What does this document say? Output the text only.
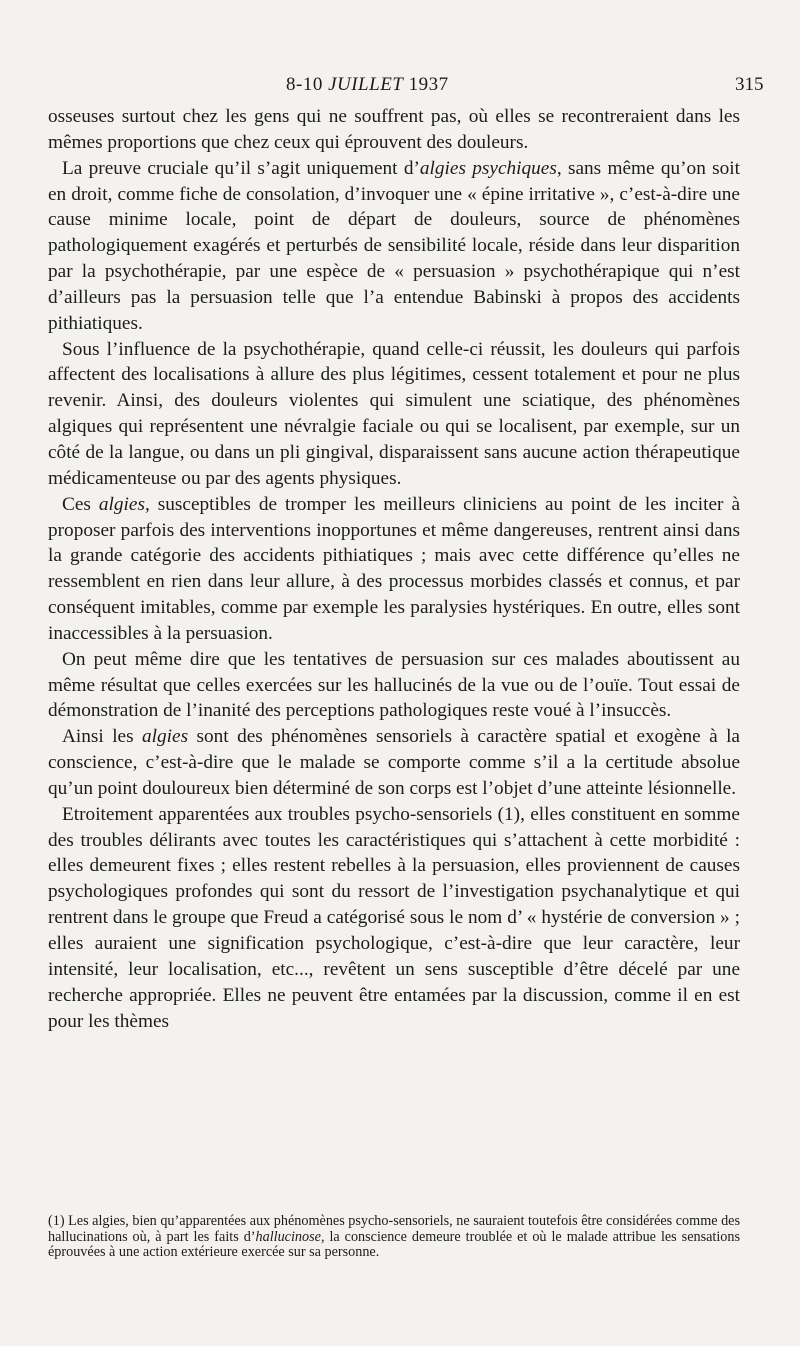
8-10 JUILLET 1937	315

osseuses surtout chez les gens qui ne souffrent pas, où elles se recontreraient dans les mêmes proportions que chez ceux qui éprouvent des douleurs.

La preuve cruciale qu’il s’agit uniquement d’algies psychiques, sans même qu’on soit en droit, comme fiche de consolation, d’invoquer une « épine irritative », c’est-à-dire une cause minime locale, point de départ de douleurs, source de phénomènes pathologiquement exagérés et perturbés de sensibilité locale, réside dans leur disparition par la psychothérapie, par une espèce de « persuasion » psychothérapique qui n’est d’ailleurs pas la persuasion telle que l’a entendue Babinski à propos des accidents pithiatiques.

Sous l’influence de la psychothérapie, quand celle-ci réussit, les douleurs qui parfois affectent des localisations à allure des plus légitimes, cessent totalement et pour ne plus revenir. Ainsi, des douleurs violentes qui simulent une sciatique, des phénomènes algiques qui représentent une névralgie faciale ou qui se localisent, par exemple, sur un côté de la langue, ou dans un pli gingival, disparaissent sans aucune action thérapeutique médicamenteuse ou par des agents physiques.

Ces algies, susceptibles de tromper les meilleurs cliniciens au point de les inciter à proposer parfois des interventions inopportunes et même dangereuses, rentrent ainsi dans la grande catégorie des accidents pithiatiques ; mais avec cette différence qu’elles ne ressemblent en rien dans leur allure, à des processus morbides classés et connus, et par conséquent imitables, comme par exemple les paralysies hystériques. En outre, elles sont inaccessibles à la persuasion.

On peut même dire que les tentatives de persuasion sur ces malades aboutissent au même résultat que celles exercées sur les hallucinés de la vue ou de l’ouïe. Tout essai de démonstration de l’inanité des perceptions pathologiques reste voué à l’insuccès.

Ainsi les algies sont des phénomènes sensoriels à caractère spatial et exogène à la conscience, c’est-à-dire que le malade se comporte comme s’il a la certitude absolue qu’un point douloureux bien déterminé de son corps est l’objet d’une atteinte lésionnelle.

Etroitement apparentées aux troubles psycho-sensoriels (1), elles constituent en somme des troubles délirants avec toutes les caractéristiques qui s’attachent à cette morbidité : elles demeurent fixes ; elles restent rebelles à la persuasion, elles proviennent de causes psychologiques profondes qui sont du ressort de l’investigation psychanalytique et qui rentrent dans le groupe que Freud a catégorisé sous le nom d’ « hystérie de conversion » ; elles auraient une signification psychologique, c’est-à-dire que leur caractère, leur intensité, leur localisation, etc..., revêtent un sens susceptible d’être décelé par une recherche appropriée. Elles ne peuvent être entamées par la discussion, comme il en est pour les thèmes

(1) Les algies, bien qu’apparentées aux phénomènes psycho-sensoriels, ne sauraient toutefois être considérées comme des hallucinations où, à part les faits d’hallucinose, la conscience demeure troublée et où le malade attribue les sensations éprouvées à une action extérieure exercée sur sa personne.
